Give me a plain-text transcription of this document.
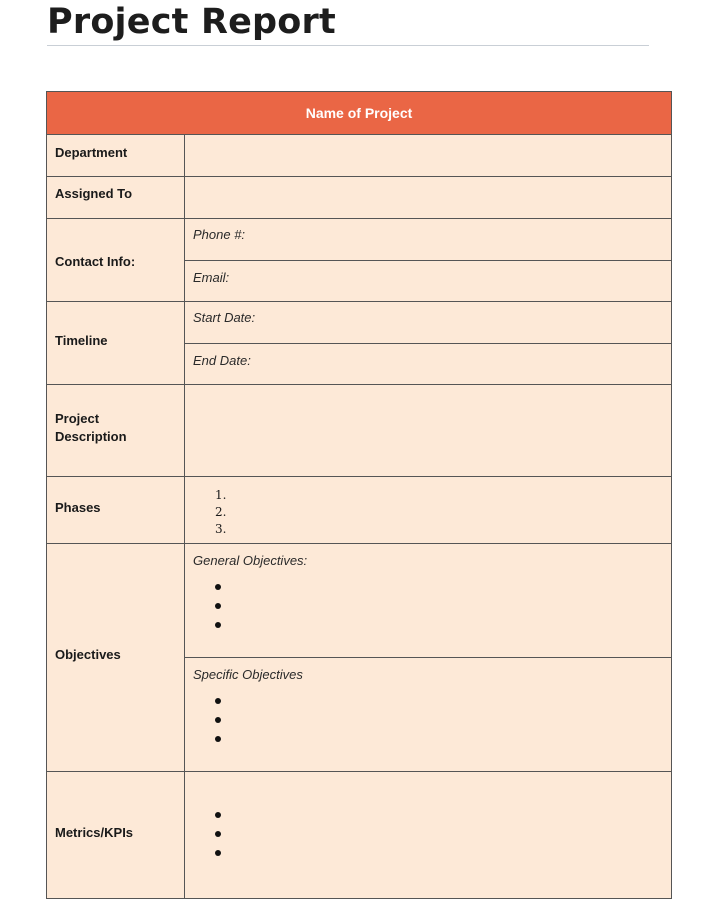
Project Report
Name of Project
Department
Assigned To
Contact Info:
Timeline
Project Description
Phases
Objectives
Metrics/KPIs
Phone #:
Email:
Start Date:
End Date:
1.
2.
3.
General Objectives:
Specific Objectives
